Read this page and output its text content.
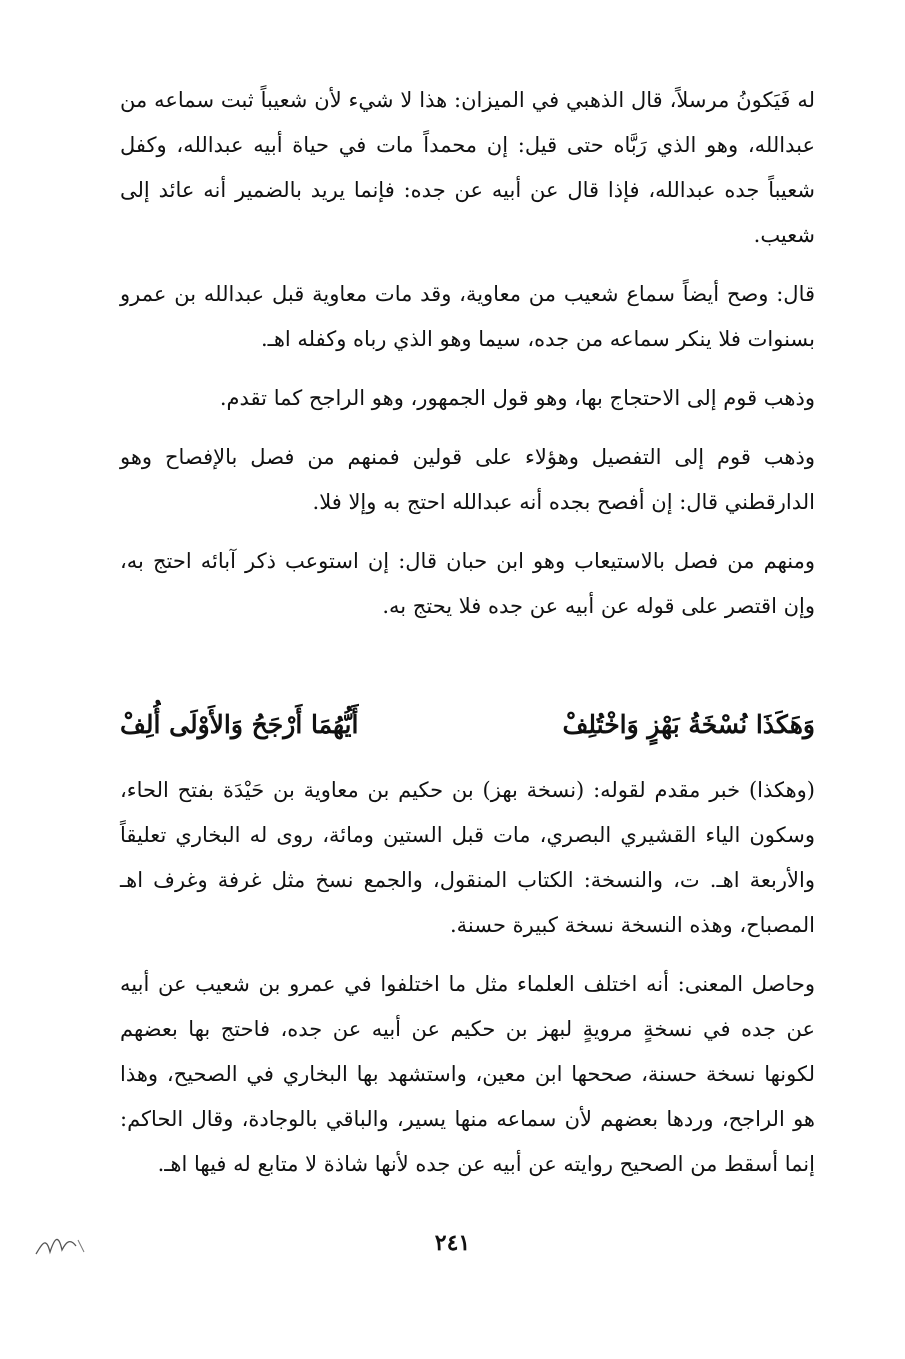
له فَيَكونُ مرسلاً، قال الذهبي في الميزان: هذا لا شيء لأن شعيباً ثبت سماعه من عبدالله، وهو الذي رَبَّاه حتى قيل: إن محمداً مات في حياة أبيه عبدالله، وكفل شعيباً جده عبدالله، فإذا قال عن أبيه عن جده: فإنما يريد بالضمير أنه عائد إلى شعيب.

قال: وصح أيضاً سماع شعيب من معاوية، وقد مات معاوية قبل عبدالله بن عمرو بسنوات فلا ينكر سماعه من جده، سيما وهو الذي رباه وكفله اهـ.

وذهب قوم إلى الاحتجاج بها، وهو قول الجمهور، وهو الراجح كما تقدم.

وذهب قوم إلى التفصيل وهؤلاء على قولين فمنهم من فصل بالإفصاح وهو الدارقطني قال: إن أفصح بجده أنه عبدالله احتج به وإلا فلا.

ومنهم من فصل بالاستيعاب وهو ابن حبان قال: إن استوعب ذكر آبائه احتج به، وإن اقتصر على قوله عن أبيه عن جده فلا يحتج به.

وَهَكَذَا نُسْخَةُ بَهْزٍ وَاخْتُلِفْ
أَيُّهُمَا أَرْجَحُ وَالأَوْلَى أُلِفْ

(وهكذا) خبر مقدم لقوله: (نسخة بهز) بن حكيم بن معاوية بن حَيْدَة بفتح الحاء، وسكون الياء القشيري البصري، مات قبل الستين ومائة، روى له البخاري تعليقاً والأربعة اهـ. ت، والنسخة: الكتاب المنقول، والجمع نسخ مثل غرفة وغرف اهـ المصباح، وهذه النسخة نسخة كبيرة حسنة.

وحاصل المعنى: أنه اختلف العلماء مثل ما اختلفوا في عمرو بن شعيب عن أبيه عن جده في نسخةٍ مرويةٍ لبهز بن حكيم عن أبيه عن جده، فاحتج بها بعضهم لكونها نسخة حسنة، صححها ابن معين، واستشهد بها البخاري في الصحيح، وهذا هو الراجح، وردها بعضهم لأن سماعه منها يسير، والباقي بالوجادة، وقال الحاكم: إنما أسقط من الصحيح روايته عن أبيه عن جده لأنها شاذة لا متابع له فيها اهـ.

٢٤١
